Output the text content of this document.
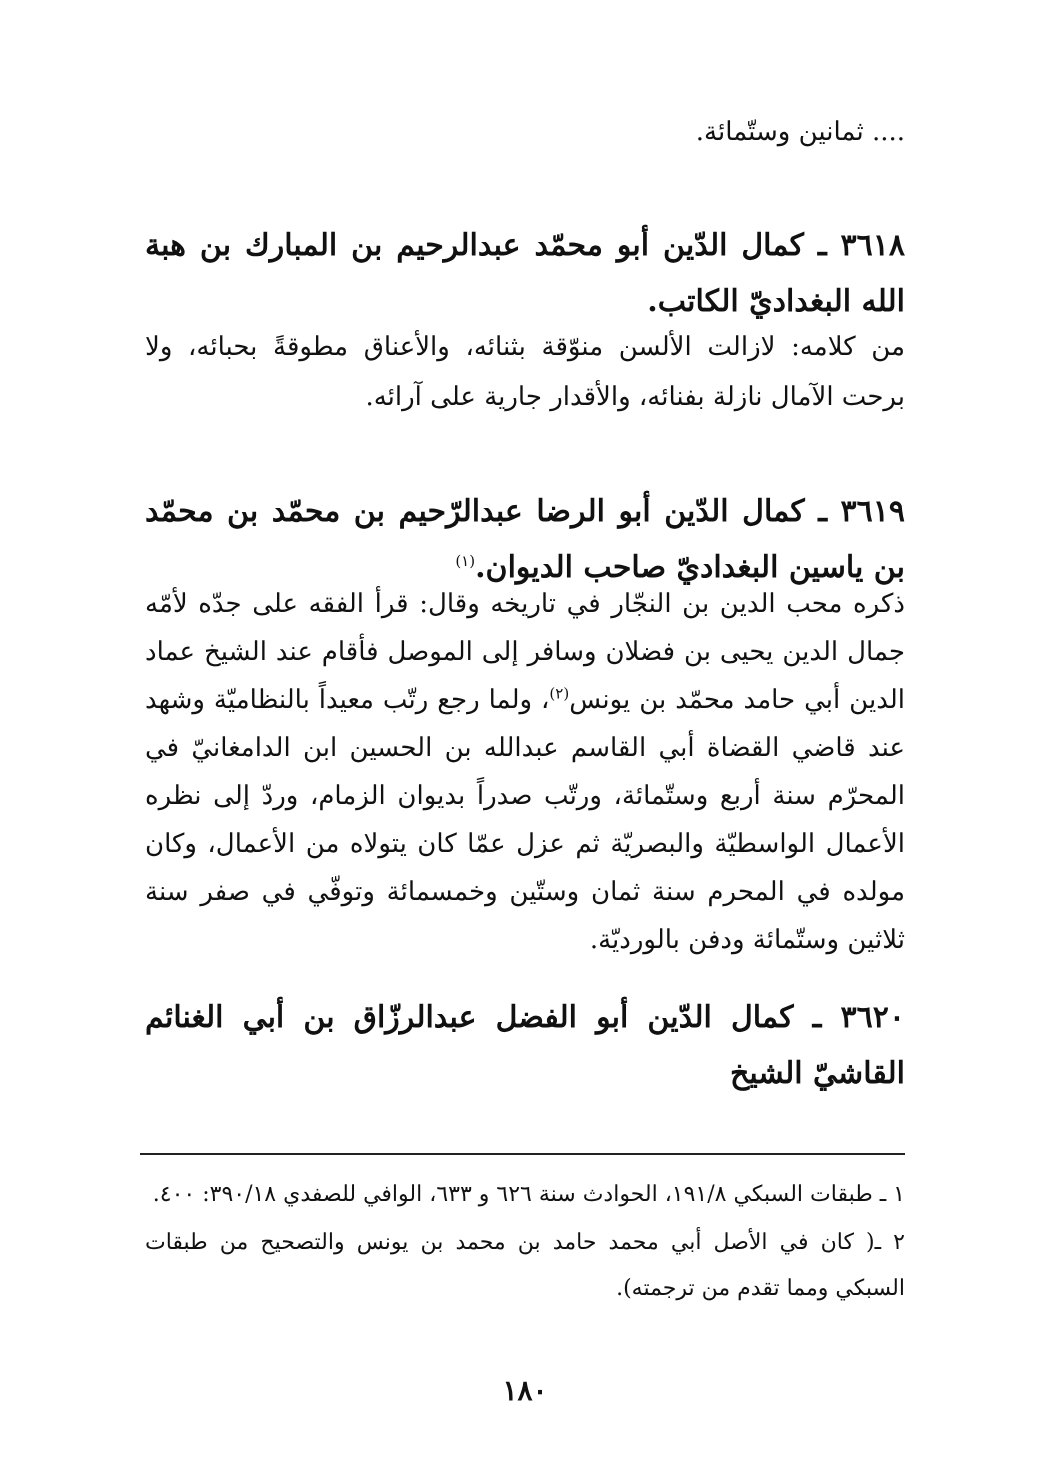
.... ثمانين وستّمائة.
٣٦١٨ ـ كمال الدّين أبو محمّد عبدالرحيم بن المبارك بن هبة الله البغداديّ الكاتب.
من كلامه: لازالت الألسن منوّقة بثنائه، والأعناق مطوقةً بحبائه، ولا برحت الآمال نازلة بفنائه، والأقدار جارية على آرائه.
٣٦١٩ ـ كمال الدّين أبو الرضا عبدالرّحيم بن محمّد بن محمّد بن ياسين البغداديّ صاحب الديوان.$^{(١)}$
ذكره محب الدين بن النجّار في تاريخه وقال: قرأ الفقه على جدّه لأمّه جمال الدين يحيى بن فضلان وسافر إلى الموصل فأقام عند الشيخ عماد الدين أبي حامد محمّد بن يونس$^{(٢)}$، ولما رجع رتّب معيداً بالنظاميّة وشهد عند قاضي القضاة أبي القاسم عبدالله بن الحسين ابن الدامغانيّ في المحرّم سنة أربع وستّمائة، ورتّب صدراً بديوان الزمام، وردّ إلى نظره الأعمال الواسطيّة والبصريّة ثم عزل عمّا كان يتولاه من الأعمال، وكان مولده في المحرم سنة ثمان وستّين وخمسمائة وتوفّي في صفر سنة ثلاثين وستّمائة ودفن بالورديّة.
٣٦٢٠ ـ كمال الدّين أبو الفضل عبدالرزّاق بن أبي الغنائم القاشيّ الشيخ

١ ـ طبقات السبكي ١٩١/٨، الحوادث سنة ٦٢٦ و ٦٣٣، الوافي للصفدي ٣٩٠/١٨: ٤٠٠.

٢ ـ( كان في الأصل أبي محمد حامد بن محمد بن يونس والتصحيح من طبقات السبكي ومما تقدم من ترجمته).

١٨٠
